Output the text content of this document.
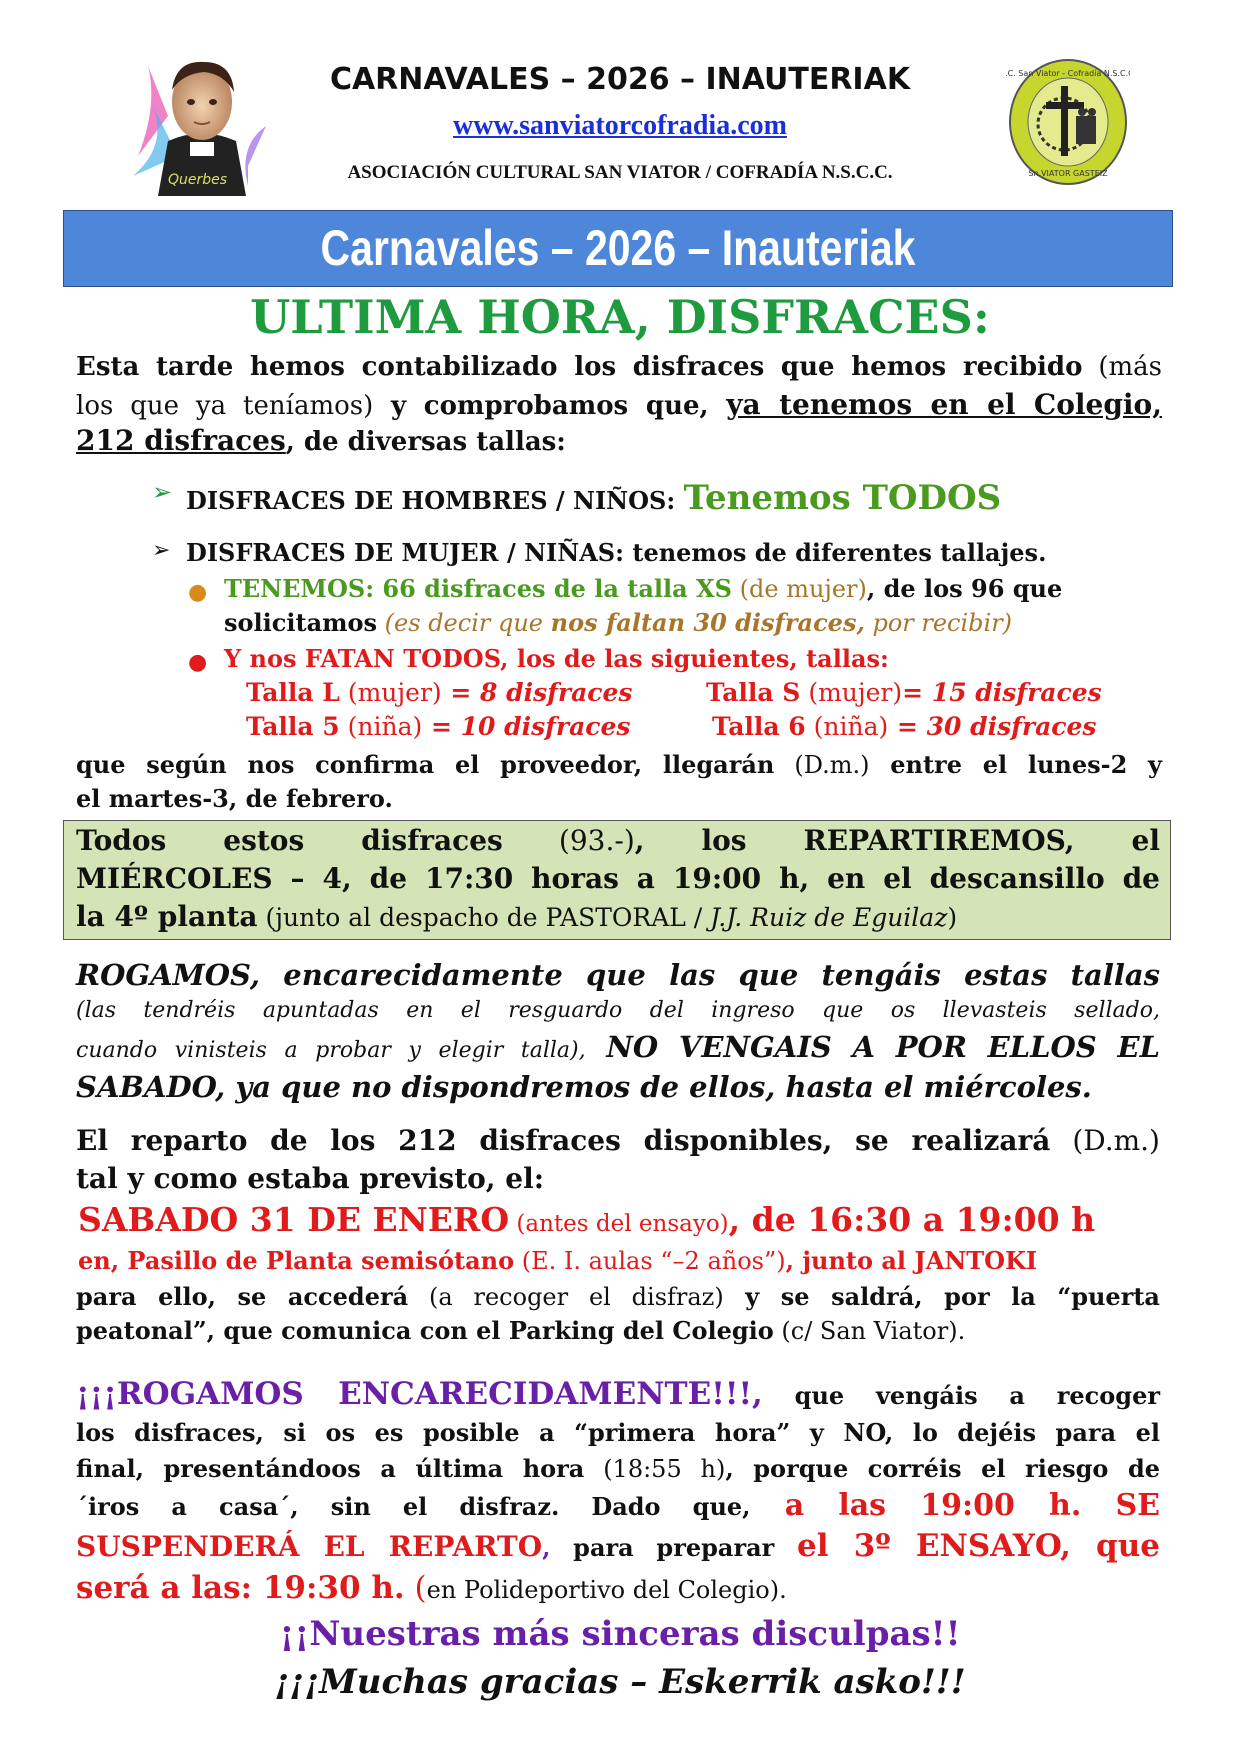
Querbes
A.C. San Viator - Cofradía N.S.C.C.
Sn.VIATOR GASTEIZ
CARNAVALES – 2026 – INAUTERIAK
www.sanviatorcofradia.com
ASOCIACIÓN CULTURAL SAN VIATOR / COFRADÍA N.S.C.C.
Carnavales – 2026 – Inauteriak
ULTIMA HORA, DISFRACES:
Esta tarde hemos contabilizado los disfraces que hemos recibido (más
los que ya teníamos) y comprobamos que, ya tenemos en el Colegio,
212 disfraces, de diversas tallas:
➢ DISFRACES DE HOMBRES / NIÑOS: Tenemos TODOS
➢ DISFRACES DE MUJER / NIÑAS: tenemos de diferentes tallajes.
● TENEMOS: 66 disfraces de la talla XS (de mujer), de los 96 que
solicitamos (es decir que nos faltan 30 disfraces, por recibir)
● Y nos FATAN TODOS, los de las siguientes, tallas:
Talla L (mujer) = 8 disfraces	Talla S (mujer)= 15 disfraces
Talla 5 (niña) = 10 disfraces	Talla 6 (niña) = 30 disfraces
que según nos confirma el proveedor, llegarán (D.m.) entre el lunes-2 y
el martes-3, de febrero.
Todos estos disfraces (93.-), los REPARTIREMOS, el
MIÉRCOLES – 4, de 17:30 horas a 19:00 h, en el descansillo de
la 4º planta (junto al despacho de PASTORAL / J.J. Ruiz de Eguilaz)
ROGAMOS, encarecidamente que las que tengáis estas tallas
(las tendréis apuntadas en el resguardo del ingreso que os llevasteis sellado,
cuando vinisteis a probar y elegir talla), NO VENGAIS A POR ELLOS EL
SABADO, ya que no dispondremos de ellos, hasta el miércoles.
El reparto de los 212 disfraces disponibles, se realizará (D.m.)
tal y como estaba previsto, el:
SABADO 31 DE ENERO (antes del ensayo), de 16:30 a 19:00 h
en, Pasillo de Planta semisótano (E. I. aulas “–2 años”), junto al JANTOKI
para ello, se accederá (a recoger el disfraz) y se saldrá, por la “puerta
peatonal”, que comunica con el Parking del Colegio (c/ San Viator).
¡¡¡ROGAMOS ENCARECIDAMENTE!!!, que vengáis a recoger
los disfraces, si os es posible a “primera hora” y NO, lo dejéis para el
final, presentándoos a última hora (18:55 h), porque corréis el riesgo de
´iros a casa´, sin el disfraz. Dado que, a las 19:00 h. SE
SUSPENDERÁ EL REPARTO, para preparar el 3º ENSAYO, que
será a las: 19:30 h. (en Polideportivo del Colegio).
¡¡Nuestras más sinceras disculpas!!
¡¡¡Muchas gracias – Eskerrik asko!!!
